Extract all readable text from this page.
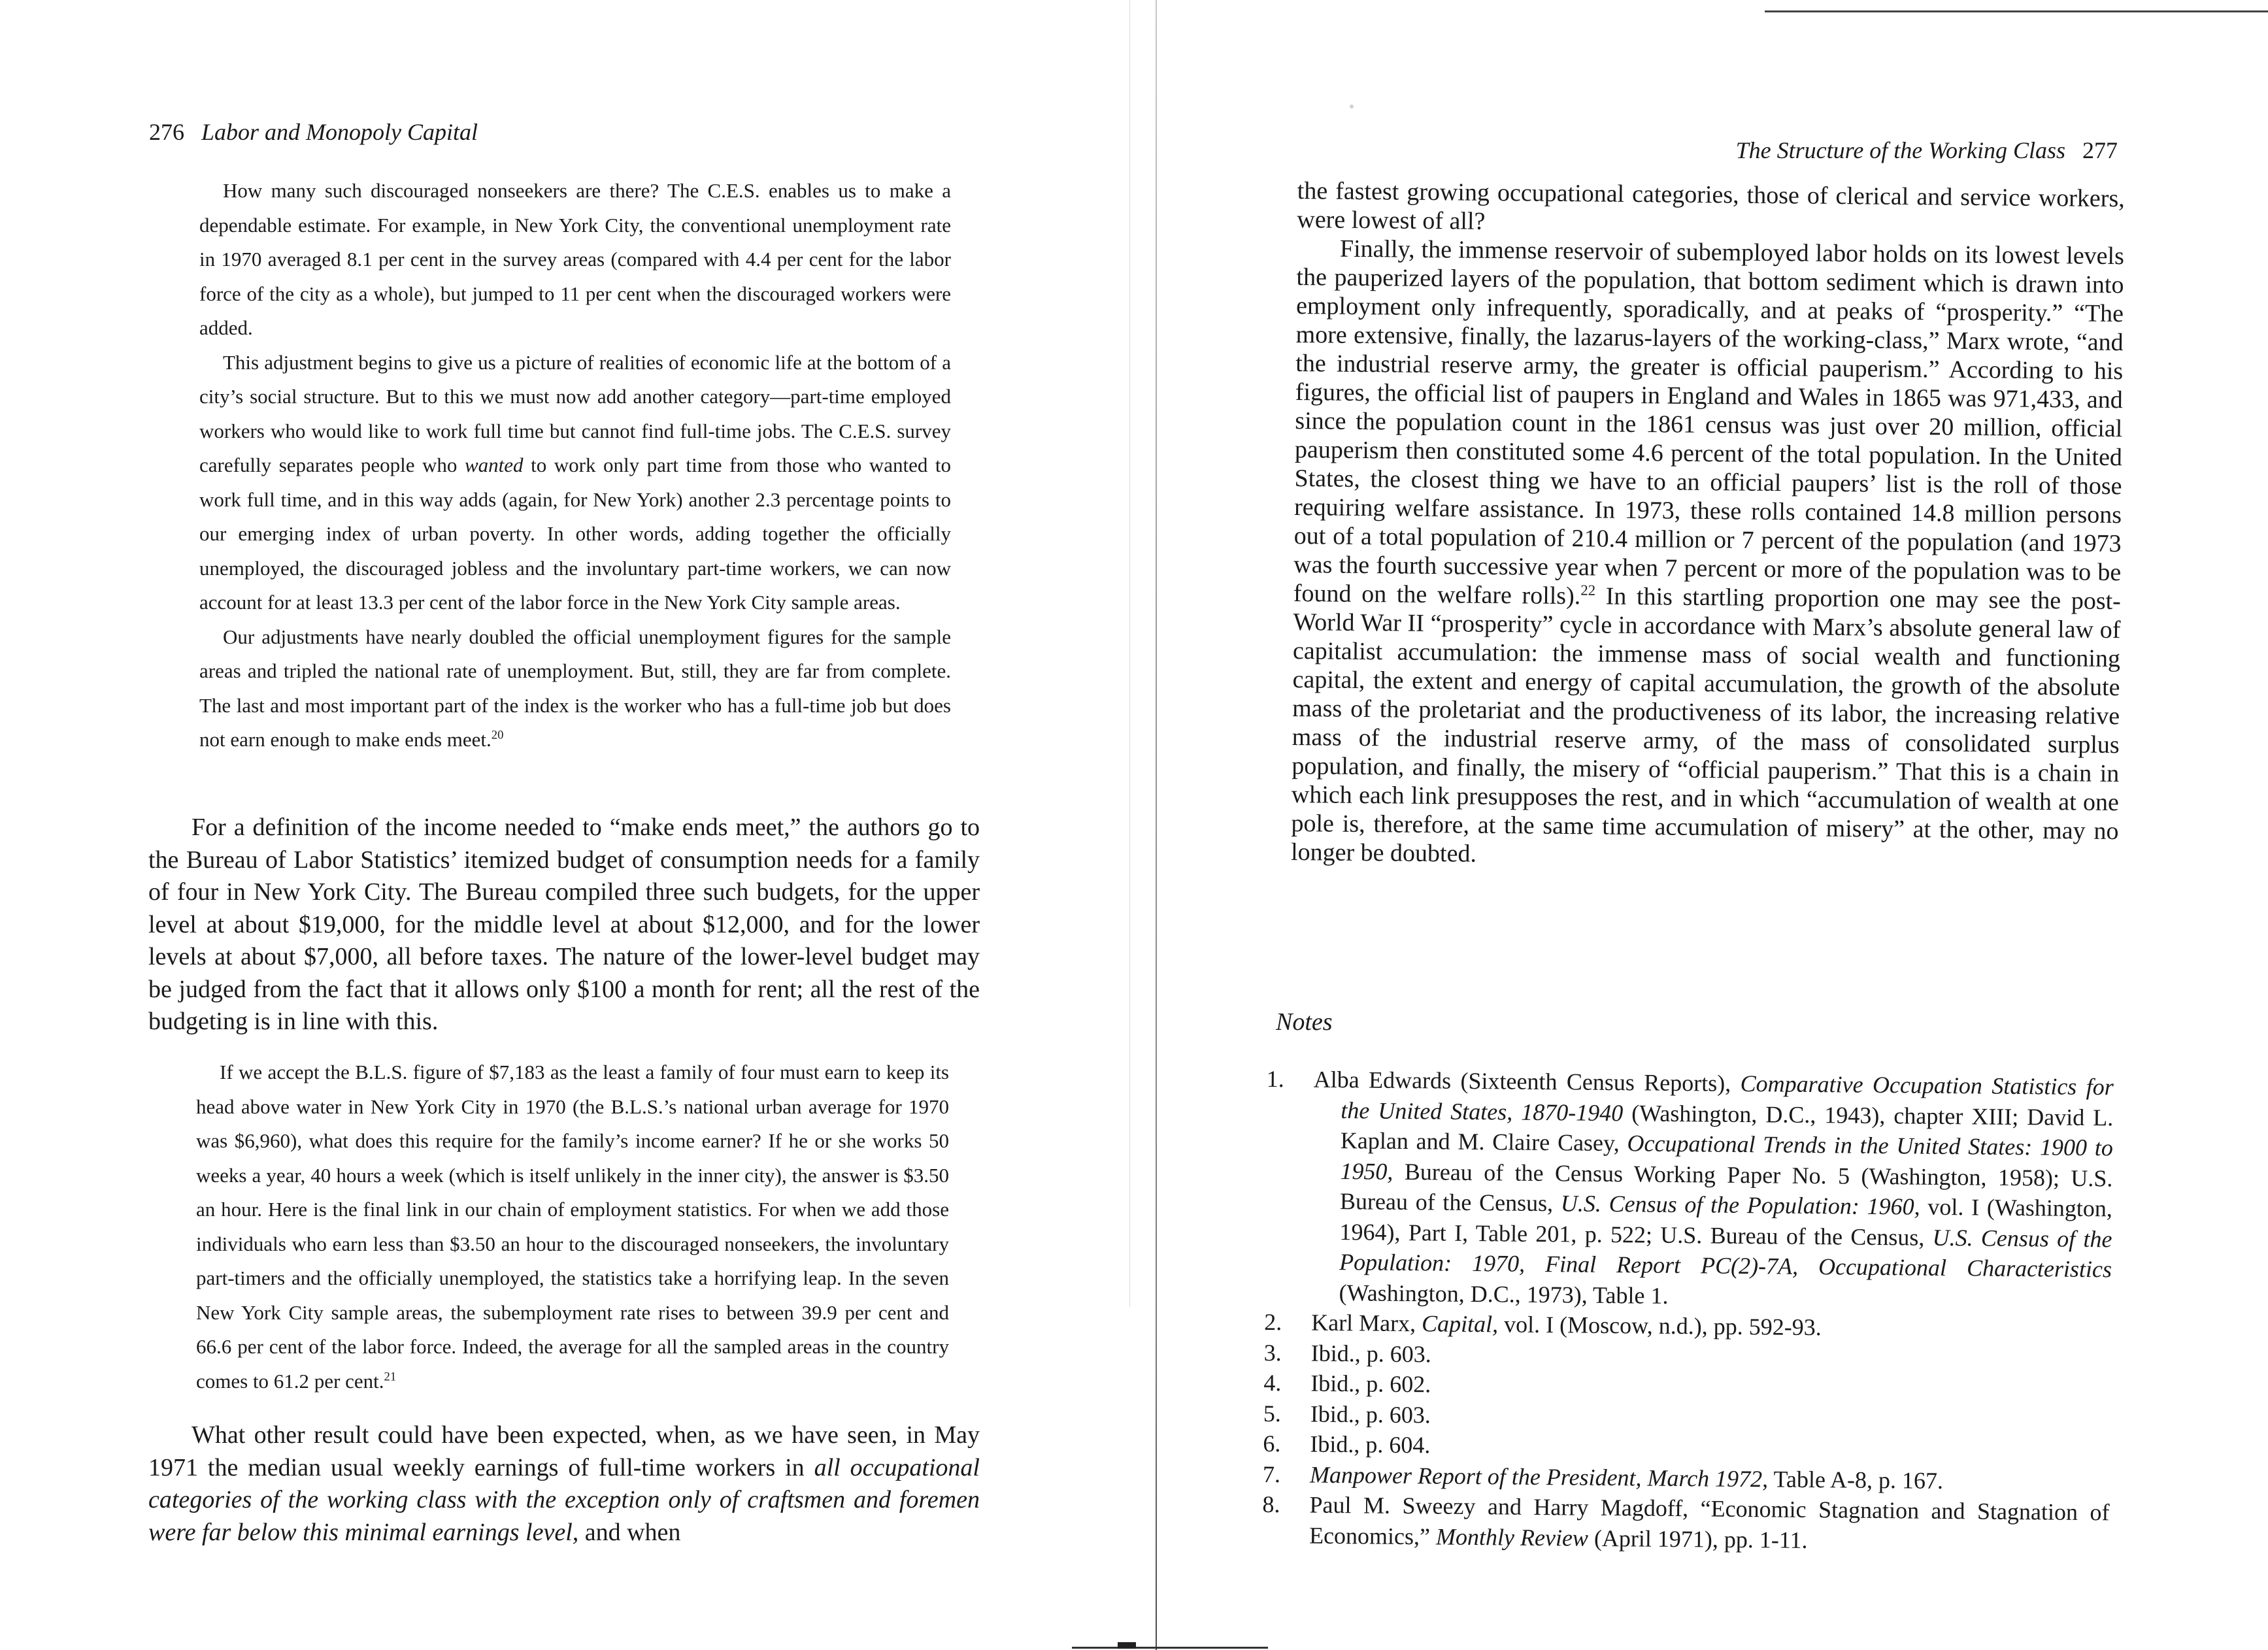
276 Labor and Monopoly Capital

How many such discouraged nonseekers are there? The C.E.S. enables us to make a dependable estimate. For example, in New York City, the conventional unemployment rate in 1970 averaged 8.1 per cent in the survey areas (compared with 4.4 per cent for the labor force of the city as a whole), but jumped to 11 per cent when the discouraged workers were added.

This adjustment begins to give us a picture of realities of economic life at the bottom of a city’s social structure. But to this we must now add another category—part-time employed workers who would like to work full time but cannot find full-time jobs. The C.E.S. survey carefully separates people who wanted to work only part time from those who wanted to work full time, and in this way adds (again, for New York) another 2.3 percentage points to our emerging index of urban poverty. In other words, adding together the officially unemployed, the discouraged jobless and the involuntary part-time workers, we can now account for at least 13.3 per cent of the labor force in the New York City sample areas.

Our adjustments have nearly doubled the official unemployment figures for the sample areas and tripled the national rate of unemployment. But, still, they are far from complete. The last and most important part of the index is the worker who has a full-time job but does not earn enough to make ends meet.$^{20}$

For a definition of the income needed to “make ends meet,” the authors go to the Bureau of Labor Statistics’ itemized budget of consumption needs for a family of four in New York City. The Bureau compiled three such budgets, for the upper level at about $19,000, for the middle level at about $12,000, and for the lower levels at about $7,000, all before taxes. The nature of the lower-level budget may be judged from the fact that it allows only $100 a month for rent; all the rest of the budgeting is in line with this.

If we accept the B.L.S. figure of $7,183 as the least a family of four must earn to keep its head above water in New York City in 1970 (the B.L.S.’s national urban average for 1970 was $6,960), what does this require for the family’s income earner? If he or she works 50 weeks a year, 40 hours a week (which is itself unlikely in the inner city), the answer is $3.50 an hour. Here is the final link in our chain of employment statistics. For when we add those individuals who earn less than $3.50 an hour to the discouraged nonseekers, the involuntary part-timers and the officially unemployed, the statistics take a horrifying leap. In the seven New York City sample areas, the subemployment rate rises to between 39.9 per cent and 66.6 per cent of the labor force. Indeed, the average for all the sampled areas in the country comes to 61.2 per cent.$^{21}$

What other result could have been expected, when, as we have seen, in May 1971 the median usual weekly earnings of full-time workers in all occupational categories of the working class with the exception only of craftsmen and foremen were far below this minimal earnings level, and when

The Structure of the Working Class 277

the fastest growing occupational categories, those of clerical and service workers, were lowest of all?

Finally, the immense reservoir of subemployed labor holds on its lowest levels the pauperized layers of the population, that bottom sediment which is drawn into employment only infrequently, sporadically, and at peaks of “prosperity.” “The more extensive, finally, the lazarus-layers of the working-class,” Marx wrote, “and the industrial reserve army, the greater is official pauperism.” According to his figures, the official list of paupers in England and Wales in 1865 was 971,433, and since the population count in the 1861 census was just over 20 million, official pauperism then constituted some 4.6 percent of the total population. In the United States, the closest thing we have to an official paupers’ list is the roll of those requiring welfare assistance. In 1973, these rolls contained 14.8 million persons out of a total population of 210.4 million or 7 percent of the population (and 1973 was the fourth successive year when 7 percent or more of the population was to be found on the welfare rolls).$^{22}$ In this startling proportion one may see the post-World War II “prosperity” cycle in accordance with Marx’s absolute general law of capitalist accumulation: the immense mass of social wealth and functioning capital, the extent and energy of capital accumulation, the growth of the absolute mass of the proletariat and the productiveness of its labor, the increasing relative mass of the industrial reserve army, of the mass of consolidated surplus population, and finally, the misery of “official pauperism.” That this is a chain in which each link presupposes the rest, and in which “accumulation of wealth at one pole is, therefore, at the same time accumulation of misery” at the other, may no longer be doubted.

Notes
1. Alba Edwards (Sixteenth Census Reports), Comparative Occupation Statistics for the United States, 1870-1940 (Washington, D.C., 1943), chapter XIII; David L. Kaplan and M. Claire Casey, Occupational Trends in the United States: 1900 to 1950, Bureau of the Census Working Paper No. 5 (Washington, 1958); U.S. Bureau of the Census, U.S. Census of the Population: 1960, vol. I (Washington, 1964), Part I, Table 201, p. 522; U.S. Bureau of the Census, U.S. Census of the Population: 1970, Final Report PC(2)-7A, Occupational Characteristics (Washington, D.C., 1973), Table 1.
2. Karl Marx, Capital, vol. I (Moscow, n.d.), pp. 592-93.
3. Ibid., p. 603.
4. Ibid., p. 602.
5. Ibid., p. 603.
6. Ibid., p. 604.
7. Manpower Report of the President, March 1972, Table A-8, p. 167.
8. Paul M. Sweezy and Harry Magdoff, “Economic Stagnation and Stagnation of Economics,” Monthly Review (April 1971), pp. 1-11.
